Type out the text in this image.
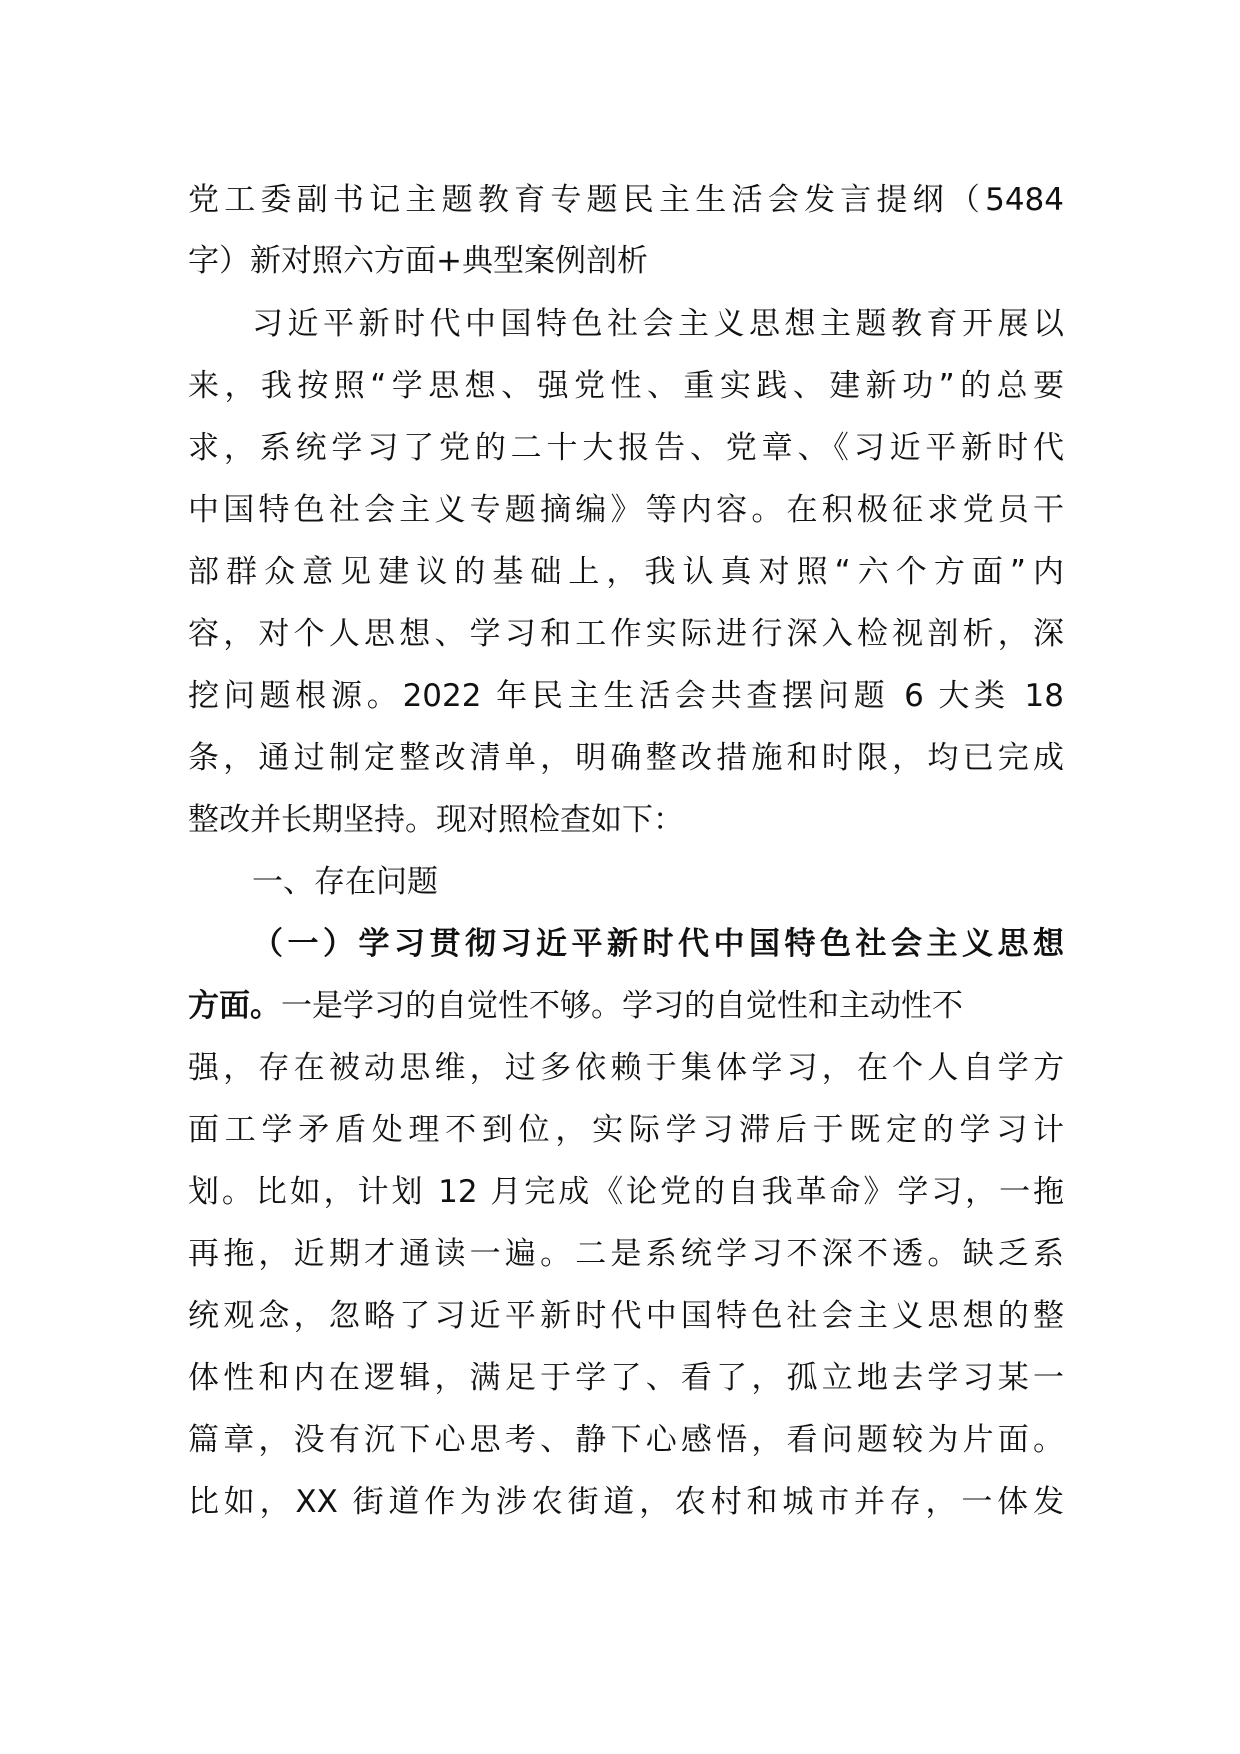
党工委副书记主题教育专题民主生活会发言提纲（5484
字）新对照六方面+典型案例剖析
习近平新时代中国特色社会主义思想主题教育开展以
来，我按照“学思想、强党性、重实践、建新功”的总要
求，系统学习了党的二十大报告、党章、《习近平新时代
中国特色社会主义专题摘编》等内容。在积极征求党员干
部群众意见建议的基础上，我认真对照“六个方面”内
容，对个人思想、学习和工作实际进行深入检视剖析，深
挖问题根源。2022 年民主生活会共查摆问题 6 大类 18
条，通过制定整改清单，明确整改措施和时限，均已完成
整改并长期坚持。现对照检查如下：
一、存在问题
（一）学习贯彻习近平新时代中国特色社会主义思想
方面。一是学习的自觉性不够。学习的自觉性和主动性不
强，存在被动思维，过多依赖于集体学习，在个人自学方
面工学矛盾处理不到位，实际学习滞后于既定的学习计
划。比如，计划 12 月完成《论党的自我革命》学习，一拖
再拖，近期才通读一遍。二是系统学习不深不透。缺乏系
统观念，忽略了习近平新时代中国特色社会主义思想的整
体性和内在逻辑，满足于学了、看了，孤立地去学习某一
篇章，没有沉下心思考、静下心感悟，看问题较为片面。
比如，XX 街道作为涉农街道，农村和城市并存，一体发
